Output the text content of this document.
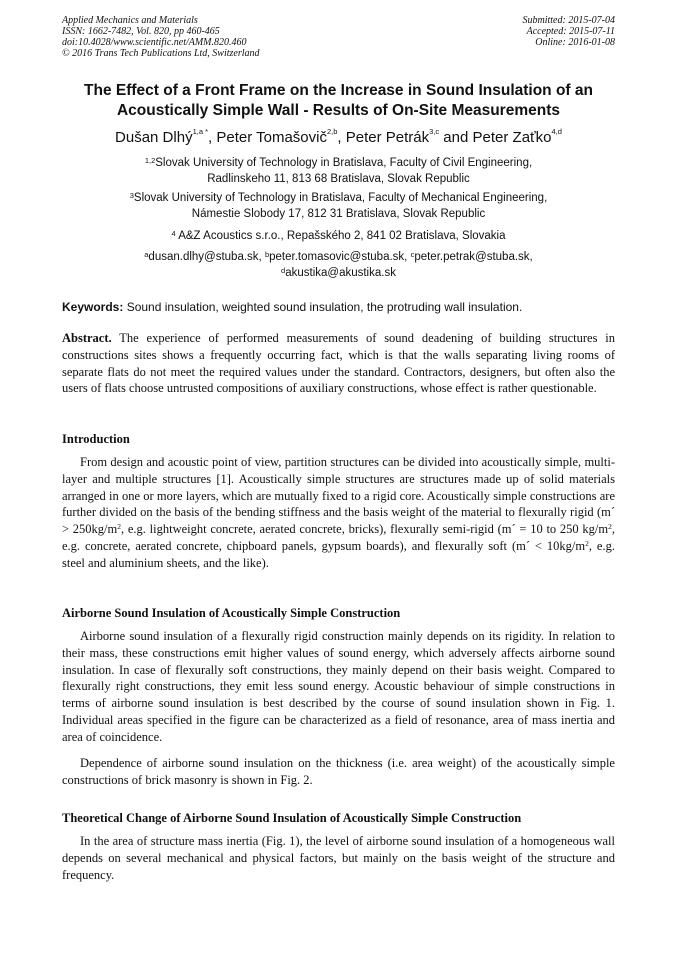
Applied Mechanics and Materials
ISSN: 1662-7482, Vol. 820, pp 460-465
doi:10.4028/www.scientific.net/AMM.820.460
© 2016 Trans Tech Publications Ltd, Switzerland
Submitted: 2015-07-04
Accepted: 2015-07-11
Online: 2016-01-08
The Effect of a Front Frame on the Increase in Sound Insulation of an
Acoustically Simple Wall - Results of On-Site Measurements
Dušan Dlhý$^{1,a *}$, Peter Tomašovič$^{2,b}$, Peter Petrák$^{3,c}$ and Peter Zaťko$^{4,d}$
$^{1,2}$Slovak University of Technology in Bratislava, Faculty of Civil Engineering,
Radlinskeho 11, 813 68 Bratislava, Slovak Republic
$^3$Slovak University of Technology in Bratislava, Faculty of Mechanical Engineering,
Námestie Slobody 17, 812 31 Bratislava, Slovak Republic
$^4$ A&Z Acoustics s.r.o., Repašského 2, 841 02 Bratislava, Slovakia
$^a$dusan.dlhy@stuba.sk, $^b$peter.tomasovic@stuba.sk, $^c$peter.petrak@stuba.sk,
$^d$akustika@akustika.sk
Keywords: Sound insulation, weighted sound insulation, the protruding wall insulation.
Abstract. The experience of performed measurements of sound deadening of building structures in constructions sites shows a frequently occurring fact, which is that the walls separating living rooms of separate flats do not meet the required values under the standard. Contractors, designers, but often also the users of flats choose untrusted compositions of auxiliary constructions, whose effect is rather questionable.
Introduction
From design and acoustic point of view, partition structures can be divided into acoustically simple, multi-layer and multiple structures [1]. Acoustically simple structures are structures made up of solid materials arranged in one or more layers, which are mutually fixed to a rigid core. Acoustically simple constructions are further divided on the basis of the bending stiffness and the basis weight of the material to flexurally rigid (m´ > $250kg/m^2$, e.g. lightweight concrete, aerated concrete, bricks), flexurally semi-rigid (m´ = 10 to 250 $kg/m^2$, e.g. concrete, aerated concrete, chipboard panels, gypsum boards), and flexurally soft (m´ < $10kg/m^2$, e.g. steel and aluminium sheets, and the like).
Airborne Sound Insulation of Acoustically Simple Construction
Airborne sound insulation of a flexurally rigid construction mainly depends on its rigidity. In relation to their mass, these constructions emit higher values of sound energy, which adversely affects airborne sound insulation. In case of flexurally soft constructions, they mainly depend on their basis weight. Compared to flexurally right constructions, they emit less sound energy. Acoustic behaviour of simple constructions in terms of airborne sound insulation is best described by the course of sound insulation shown in Fig. 1. Individual areas specified in the figure can be characterized as a field of resonance, area of mass inertia and area of coincidence.
Dependence of airborne sound insulation on the thickness (i.e. area weight) of the acoustically simple constructions of brick masonry is shown in Fig. 2.
Theoretical Change of Airborne Sound Insulation of Acoustically Simple Construction
In the area of structure mass inertia (Fig. 1), the level of airborne sound insulation of a homogeneous wall depends on several mechanical and physical factors, but mainly on the basis weight of the structure and frequency.
